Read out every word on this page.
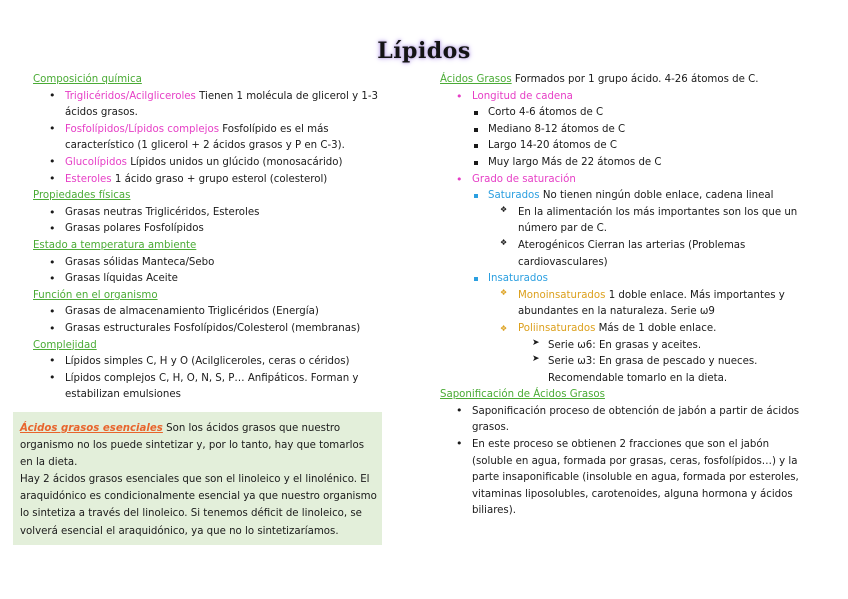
Lípidos
Composición química
• Triglicéridos/Acilgliceroles Tienen 1 molécula de glicerol y 1-3
ácidos grasos.
• Fosfolípidos/Lípidos complejos Fosfolípido es el más
característico (1 glicerol + 2 ácidos grasos y P en C-3).
• Glucolípidos Lípidos unidos un glúcido (monosacárido)
• Esteroles 1 ácido graso + grupo esterol (colesterol)
Propiedades físicas
• Grasas neutras Triglicéridos, Esteroles
• Grasas polares Fosfolípidos
Estado a temperatura ambiente
• Grasas sólidas Manteca/Sebo
• Grasas líquidas Aceite
Función en el organismo
• Grasas de almacenamiento Triglicéridos (Energía)
• Grasas estructurales Fosfolípidos/Colesterol (membranas)
Complejidad
• Lípidos simples C, H y O (Acilgliceroles, ceras o céridos)
• Lípidos complejos C, H, O, N, S, P… Anfipáticos. Forman y
estabilizan emulsiones
Ácidos grasos esenciales Son los ácidos grasos que nuestro
organismo no los puede sintetizar y, por lo tanto, hay que tomarlos
en la dieta.
Hay 2 ácidos grasos esenciales que son el linoleico y el linolénico. El
araquidónico es condicionalmente esencial ya que nuestro organismo
lo sintetiza a través del linoleico. Si tenemos déficit de linoleico, se
volverá esencial el araquidónico, ya que no lo sintetizaríamos.
Ácidos Grasos Formados por 1 grupo ácido. 4-26 átomos de C.
• Longitud de cadena
Corto 4-6 átomos de C
Mediano 8-12 átomos de C
Largo 14-20 átomos de C
Muy largo Más de 22 átomos de C
• Grado de saturación
Saturados No tienen ningún doble enlace, cadena lineal
❖ En la alimentación los más importantes son los que un
número par de C.
❖ Aterogénicos Cierran las arterias (Problemas
cardiovasculares)
Insaturados
❖ Monoinsaturados 1 doble enlace. Más importantes y
abundantes en la naturaleza. Serie ω9
❖ Poliinsaturados Más de 1 doble enlace.
➤ Serie ω6: En grasas y aceites.
➤ Serie ω3: En grasa de pescado y nueces.
Recomendable tomarlo en la dieta.
Saponificación de Ácidos Grasos
• Saponificación proceso de obtención de jabón a partir de ácidos
grasos.
• En este proceso se obtienen 2 fracciones que son el jabón
(soluble en agua, formada por grasas, ceras, fosfolípidos…) y la
parte insaponificable (insoluble en agua, formada por esteroles,
vitaminas liposolubles, carotenoides, alguna hormona y ácidos
biliares).
